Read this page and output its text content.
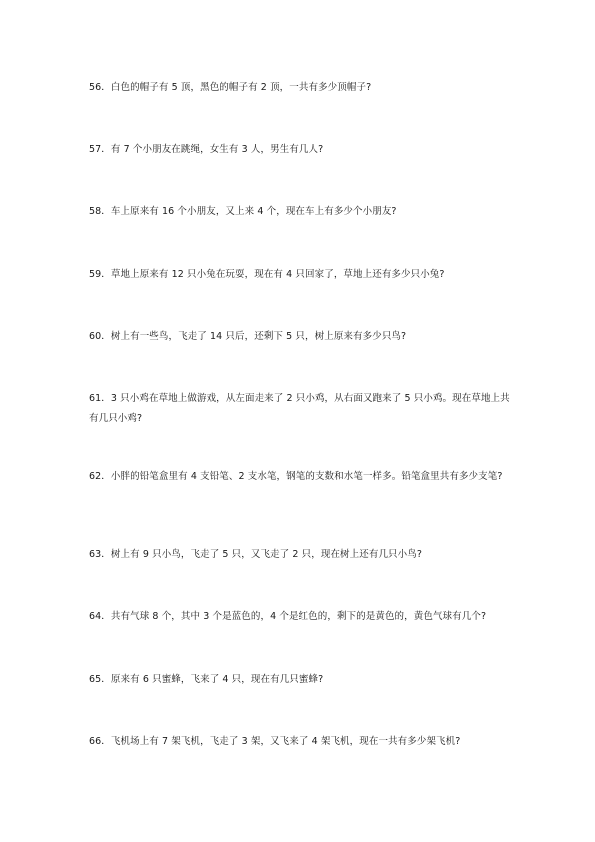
56．白色的帽子有 5 顶，黑色的帽子有 2 顶，一共有多少顶帽子?
57．有 7 个小朋友在跳绳，女生有 3 人，男生有几人?
58．车上原来有 16 个小朋友，又上来 4 个，现在车上有多少个小朋友?
59．草地上原来有 12 只小兔在玩耍，现在有 4 只回家了，草地上还有多少只小兔?
60．树上有一些鸟，飞走了 14 只后，还剩下 5 只，树上原来有多少只鸟?
61．3 只小鸡在草地上做游戏，从左面走来了 2 只小鸡，从右面又跑来了 5 只小鸡。现在草地上共有几只小鸡?
62．小胖的铅笔盒里有 4 支铅笔、2 支水笔，钢笔的支数和水笔一样多。铅笔盒里共有多少支笔?
63．树上有 9 只小鸟，飞走了 5 只，又飞走了 2 只，现在树上还有几只小鸟?
64．共有气球 8 个，其中 3 个是蓝色的，4 个是红色的，剩下的是黄色的，黄色气球有几个?
65．原来有 6 只蜜蜂，飞来了 4 只，现在有几只蜜蜂?
66．飞机场上有 7 架飞机，飞走了 3 架，又飞来了 4 架飞机，现在一共有多少架飞机?
